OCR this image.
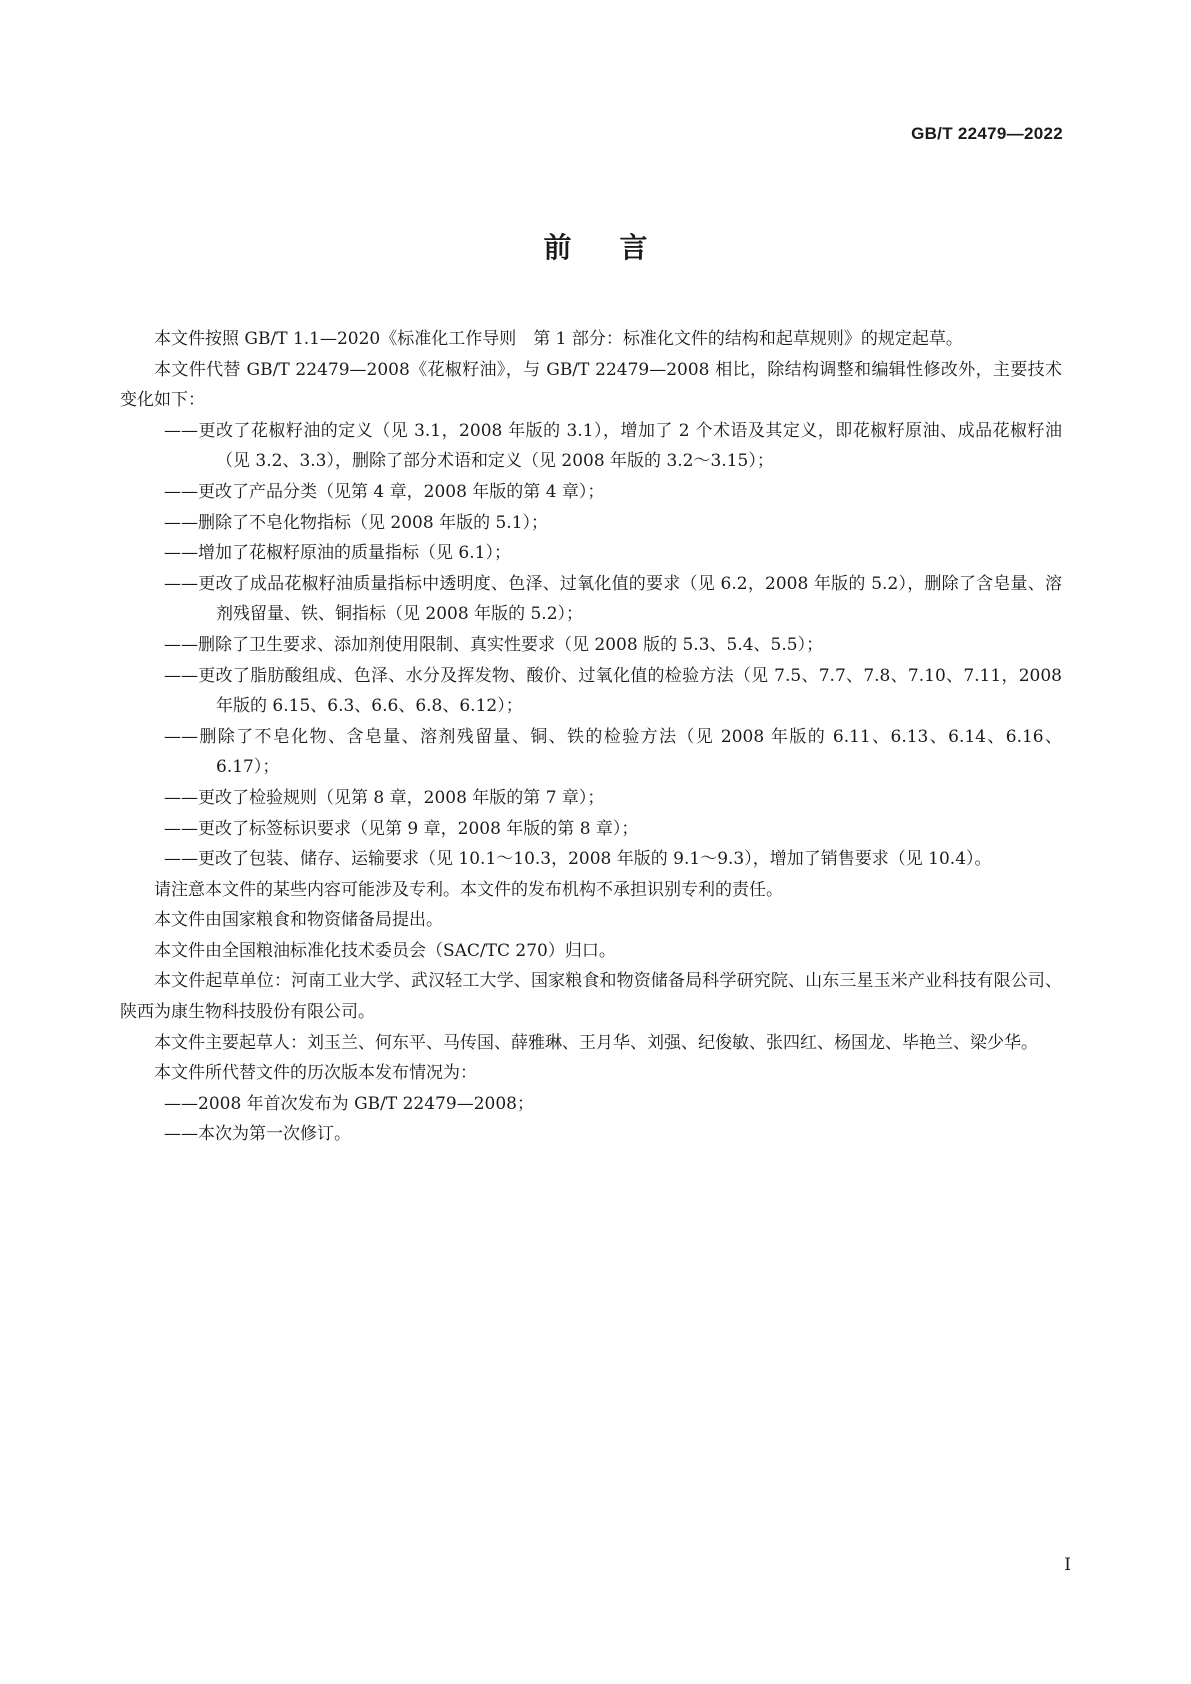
GB/T 22479—2022
前言

本文件按照 GB/T 1.1—2020《标准化工作导则　第 1 部分：标准化文件的结构和起草规则》的规定起草。

本文件代替 GB/T 22479—2008《花椒籽油》，与 GB/T 22479—2008 相比，除结构调整和编辑性修改外，主要技术变化如下：

——更改了花椒籽油的定义（见 3.1，2008 年版的 3.1），增加了 2 个术语及其定义，即花椒籽原油、成品花椒籽油（见 3.2、3.3），删除了部分术语和定义（见 2008 年版的 3.2～3.15）；

——更改了产品分类（见第 4 章，2008 年版的第 4 章）；

——删除了不皂化物指标（见 2008 年版的 5.1）；

——增加了花椒籽原油的质量指标（见 6.1）；

——更改了成品花椒籽油质量指标中透明度、色泽、过氧化值的要求（见 6.2，2008 年版的 5.2），删除了含皂量、溶剂残留量、铁、铜指标（见 2008 年版的 5.2）；

——删除了卫生要求、添加剂使用限制、真实性要求（见 2008 版的 5.3、5.4、5.5）；

——更改了脂肪酸组成、色泽、水分及挥发物、酸价、过氧化值的检验方法（见 7.5、7.7、7.8、7.10、7.11，2008 年版的 6.15、6.3、6.6、6.8、6.12）；

——删除了不皂化物、含皂量、溶剂残留量、铜、铁的检验方法（见 2008 年版的 6.11、6.13、6.14、6.16、6.17）；

——更改了检验规则（见第 8 章，2008 年版的第 7 章）；

——更改了标签标识要求（见第 9 章，2008 年版的第 8 章）；

——更改了包装、储存、运输要求（见 10.1～10.3，2008 年版的 9.1～9.3），增加了销售要求（见 10.4）。

请注意本文件的某些内容可能涉及专利。本文件的发布机构不承担识别专利的责任。

本文件由国家粮食和物资储备局提出。

本文件由全国粮油标准化技术委员会（SAC/TC 270）归口。

本文件起草单位：河南工业大学、武汉轻工大学、国家粮食和物资储备局科学研究院、山东三星玉米产业科技有限公司、陕西为康生物科技股份有限公司。

本文件主要起草人：刘玉兰、何东平、马传国、薛雅琳、王月华、刘强、纪俊敏、张四红、杨国龙、毕艳兰、梁少华。

本文件所代替文件的历次版本发布情况为：

——2008 年首次发布为 GB/T 22479—2008；

——本次为第一次修订。

I
